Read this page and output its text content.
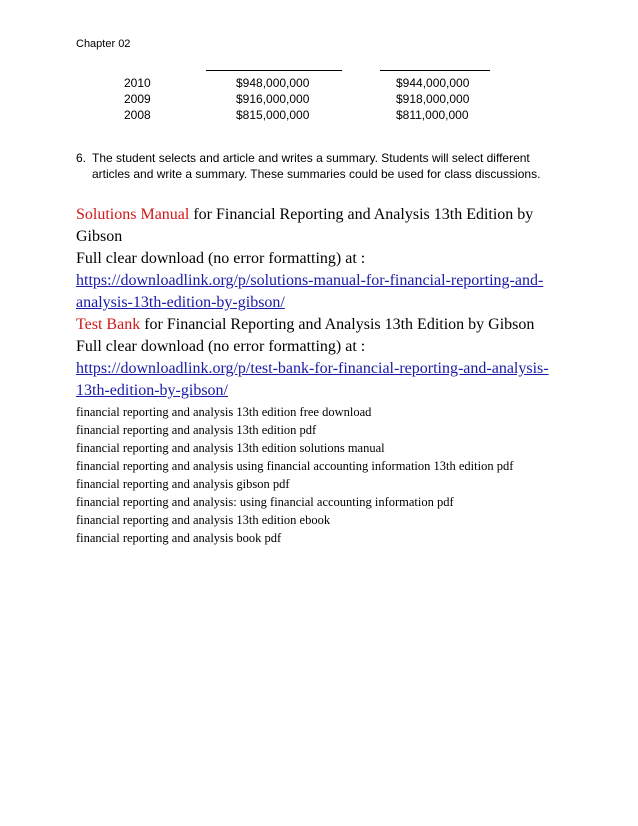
Chapter 02
2010	$948,000,000	$944,000,000
2009	$916,000,000	$918,000,000
2008	$815,000,000	$811,000,000
6. The student selects and article and writes a summary. Students will select different articles and write a summary. These summaries could be used for class discussions.

Solutions Manual for Financial Reporting and Analysis 13th Edition by Gibson

Full clear download (no error formatting) at :

https://downloadlink.org/p/solutions-manual-for-financial-reporting-and-analysis-13th-edition-by-gibson/

Test Bank for Financial Reporting and Analysis 13th Edition by Gibson

Full clear download (no error formatting) at :

https://downloadlink.org/p/test-bank-for-financial-reporting-and-analysis-13th-edition-by-gibson/

financial reporting and analysis 13th edition free download
financial reporting and analysis 13th edition pdf
financial reporting and analysis 13th edition solutions manual
financial reporting and analysis using financial accounting information 13th edition pdf
financial reporting and analysis gibson pdf
financial reporting and analysis: using financial accounting information pdf
financial reporting and analysis 13th edition ebook
financial reporting and analysis book pdf
